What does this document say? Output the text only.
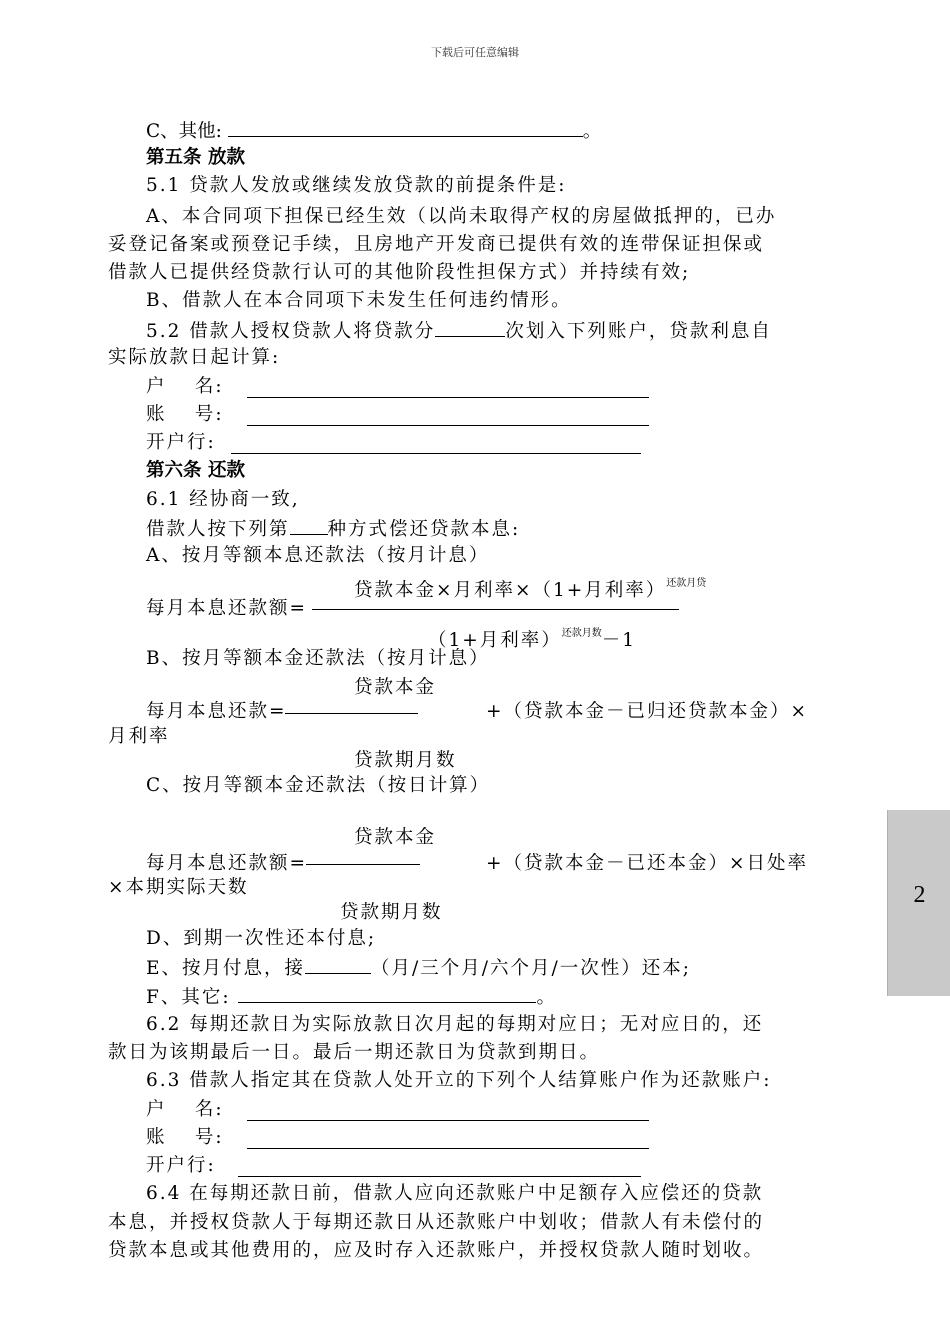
下载后可任意编辑
C、其他:	。
第五条 放款
5.1 贷款人发放或继续发放贷款的前提条件是:
A、本合同项下担保已经生效（以尚未取得产权的房屋做抵押的，已办
妥登记备案或预登记手续，且房地产开发商已提供有效的连带保证担保或
借款人已提供经贷款行认可的其他阶段性担保方式）并持续有效;
B、借款人在本合同项下未发生任何违约情形。
5.2 借款人授权贷款人将贷款分	次划入下列账户，贷款利息自
实际放款日起计算:
户　 名:
账　 号:
开户行:
第六条 还款
6.1 经协商一致,
借款人按下列第 种方式偿还贷款本息:
A、按月等额本息还款法（按月计息）
贷款本金×月利率×（1+月利率）$^{还款月贷}$
每月本息还款额=
（1+月利率）$^{还款月数}$－1
B、按月等额本金还款法（按月计息）
贷款本金
每月本息还款=	+（贷款本金－已归还贷款本金）×
月利率
贷款期月数
C、按月等额本金还款法（按日计算）
贷款本金
每月本息还款额=	+（贷款本金－已还本金）×日处率
×本期实际天数
贷款期月数
D、到期一次性还本付息;
E、按月付息，接	（月/三个月/六个月/一次性）还本;
F、其它:	。
6.2 每期还款日为实际放款日次月起的每期对应日；无对应日的，还
款日为该期最后一日。最后一期还款日为贷款到期日。
6.3 借款人指定其在贷款人处开立的下列个人结算账户作为还款账户:
户　 名:
账　 号:
开户行:
6.4 在每期还款日前，借款人应向还款账户中足额存入应偿还的贷款
本息，并授权贷款人于每期还款日从还款账户中划收；借款人有未偿付的
贷款本息或其他费用的，应及时存入还款账户，并授权贷款人随时划收。
2
